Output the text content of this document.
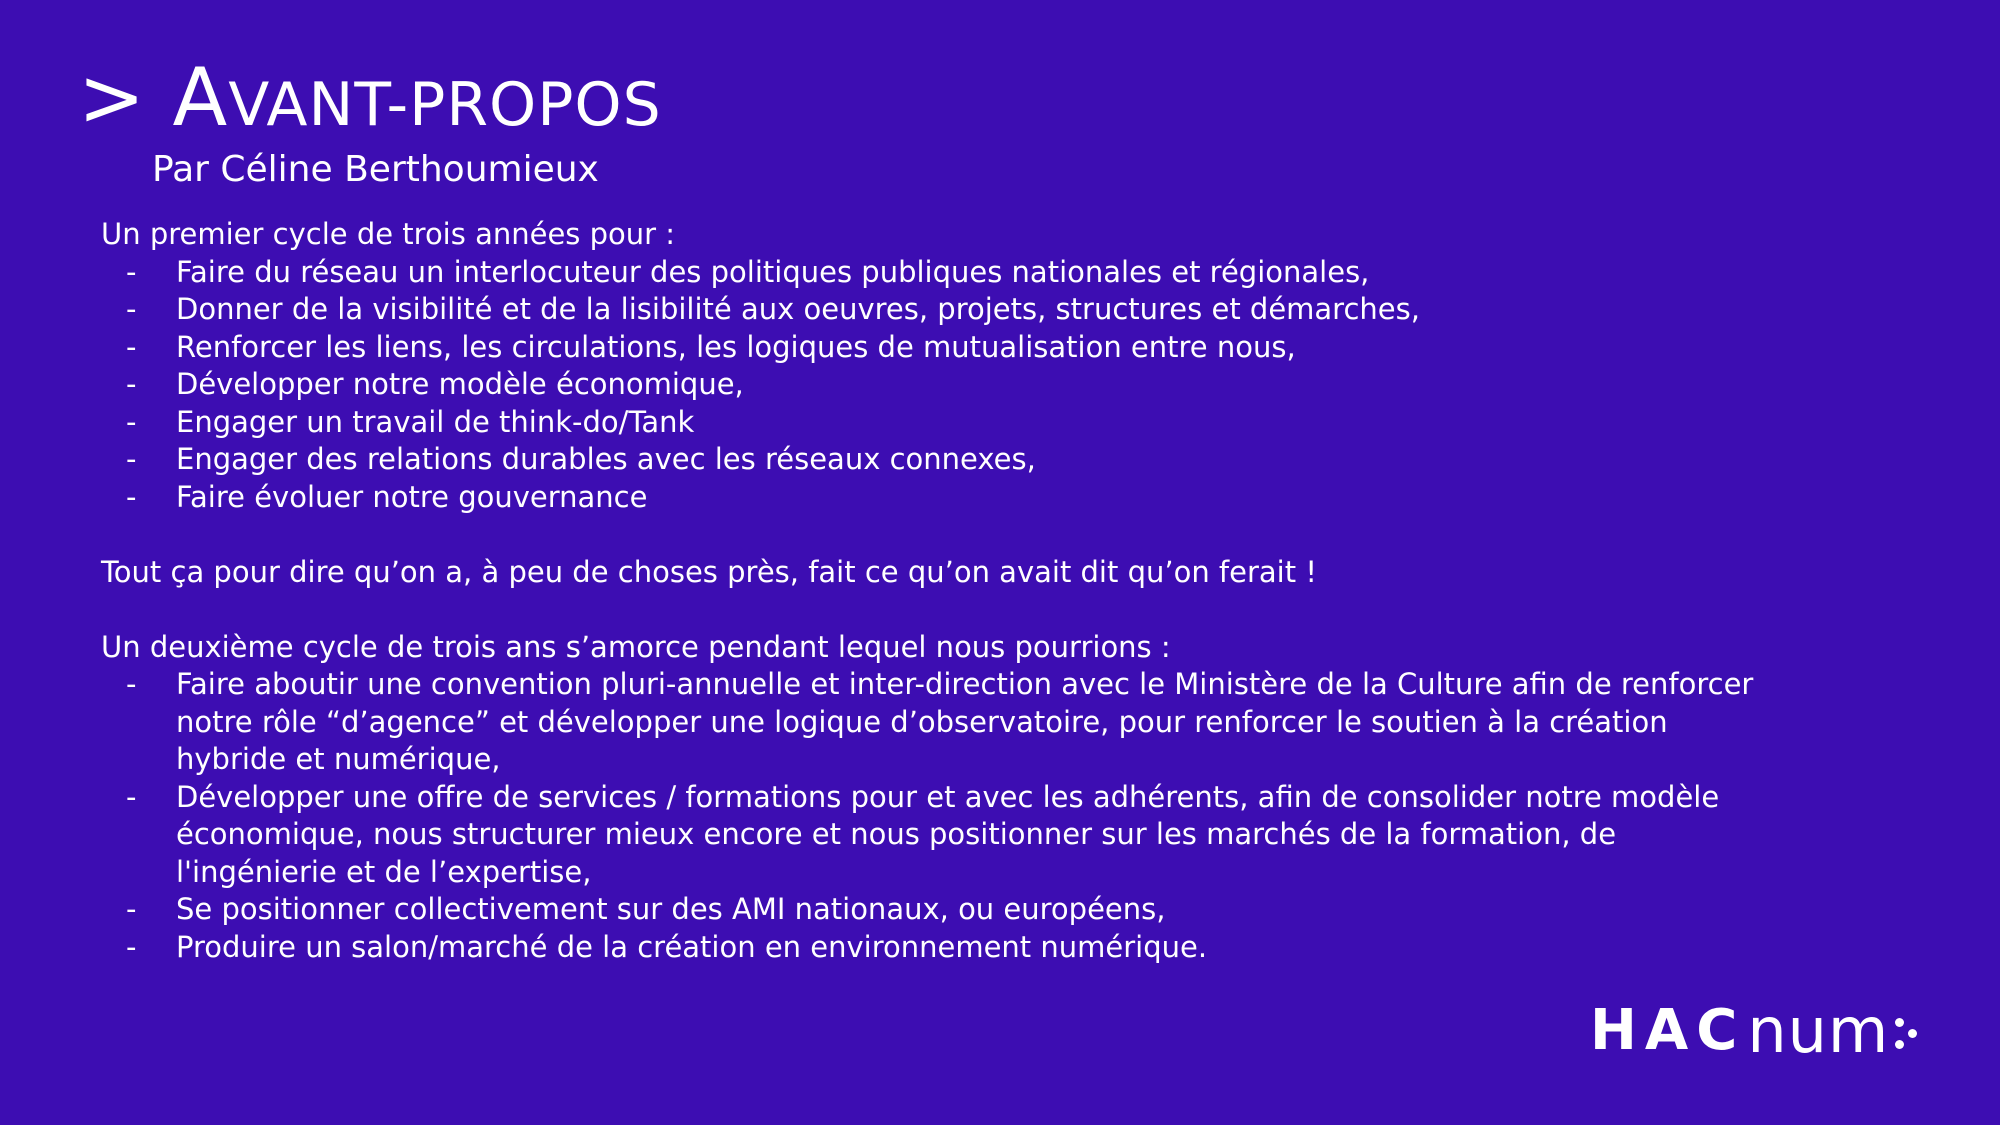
> AVANT-PROPOS
Par Céline Berthoumieux

Un premier cycle de trois années pour :

- Faire du réseau un interlocuteur des politiques publiques nationales et régionales,
- Donner de la visibilité et de la lisibilité aux oeuvres, projets, structures et démarches,
- Renforcer les liens, les circulations, les logiques de mutualisation entre nous,
- Développer notre modèle économique,
- Engager un travail de think-do/Tank
- Engager des relations durables avec les réseaux connexes,
- Faire évoluer notre gouvernance

Tout ça pour dire qu’on a, à peu de choses près, fait ce qu’on avait dit qu’on ferait !

Un deuxième cycle de trois ans s’amorce pendant lequel nous pourrions :

- Faire aboutir une convention pluri-annuelle et inter-direction avec le Ministère de la Culture afin de renforcer
notre rôle “d’agence” et développer une logique d’observatoire, pour renforcer le soutien à la création
hybride et numérique,
- Développer une offre de services / formations pour et avec les adhérents, afin de consolider notre modèle
économique, nous structurer mieux encore et nous positionner sur les marchés de la formation, de
l'ingénierie et de l’expertise,
- Se positionner collectivement sur des AMI nationaux, ou européens,
- Produire un salon/marché de la création en environnement numérique.
HAC num
